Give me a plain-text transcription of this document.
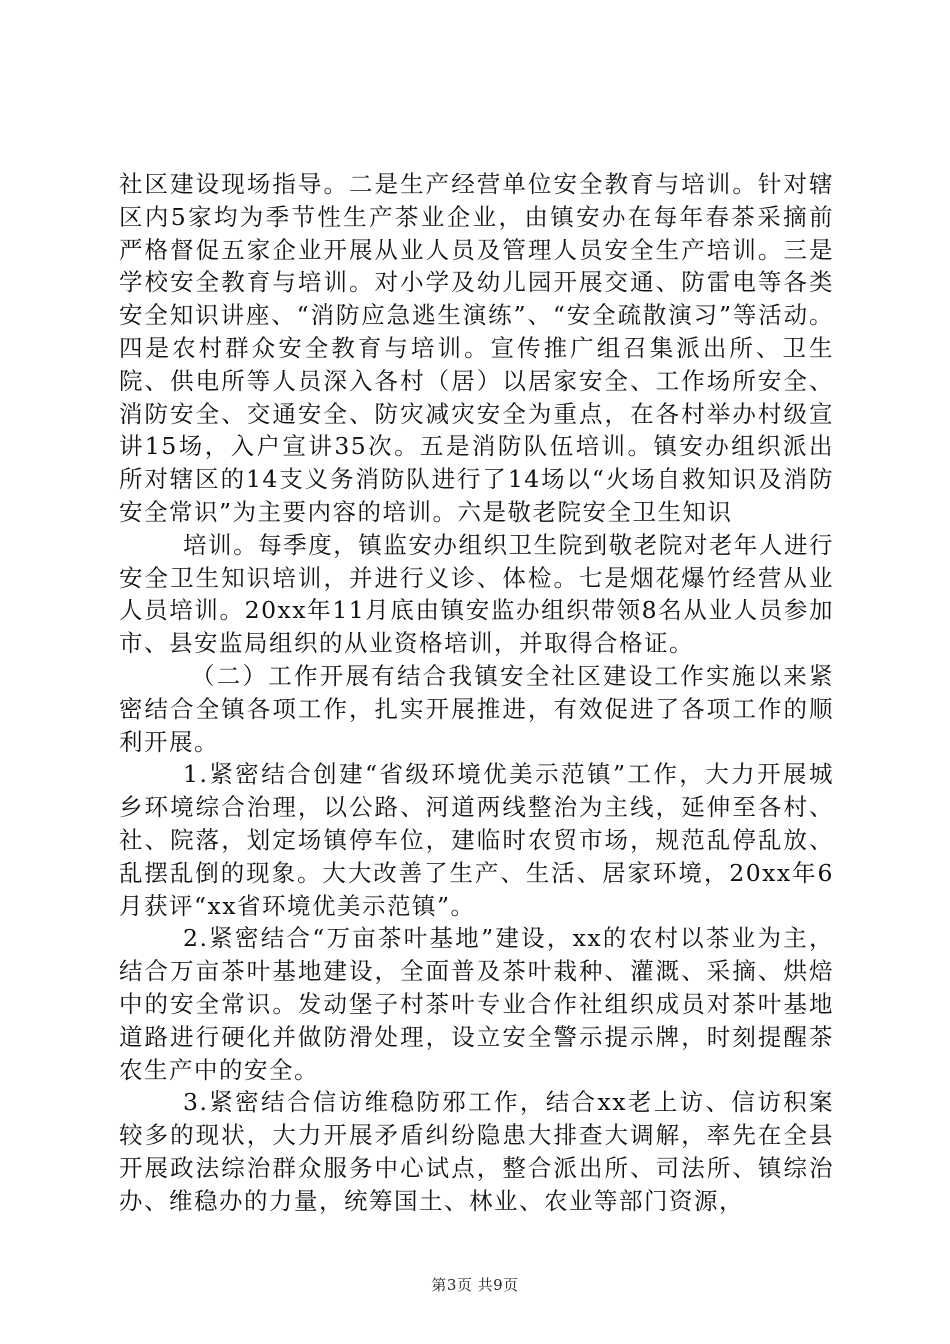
社区建设现场指导。二是生产经营单位安全教育与培训。针对辖区内5家均为季节性生产茶业企业，由镇安办在每年春茶采摘前严格督促五家企业开展从业人员及管理人员安全生产培训。三是学校安全教育与培训。对小学及幼儿园开展交通、防雷电等各类安全知识讲座、“消防应急逃生演练”、“安全疏散演习”等活动。四是农村群众安全教育与培训。宣传推广组召集派出所、卫生院、供电所等人员深入各村（居）以居家安全、工作场所安全、消防安全、交通安全、防灾减灾安全为重点，在各村举办村级宣讲15场，入户宣讲35次。五是消防队伍培训。镇安办组织派出所对辖区的14支义务消防队进行了14场以“火场自救知识及消防安全常识”为主要内容的培训。六是敬老院安全卫生知识

培训。每季度，镇监安办组织卫生院到敬老院对老年人进行安全卫生知识培训，并进行义诊、体检。七是烟花爆竹经营从业人员培训。20xx年11月底由镇安监办组织带领8名从业人员参加市、县安监局组织的从业资格培训，并取得合格证。

（二）工作开展有结合我镇安全社区建设工作实施以来紧密结合全镇各项工作，扎实开展推进，有效促进了各项工作的顺利开展。

1.紧密结合创建“省级环境优美示范镇”工作，大力开展城乡环境综合治理，以公路、河道两线整治为主线，延伸至各村、社、院落，划定场镇停车位，建临时农贸市场，规范乱停乱放、乱摆乱倒的现象。大大改善了生产、生活、居家环境，20xx年6月获评“xx省环境优美示范镇”。

2.紧密结合“万亩茶叶基地”建设，xx的农村以茶业为主，结合万亩茶叶基地建设，全面普及茶叶栽种、灌溉、采摘、烘焙中的安全常识。发动堡子村茶叶专业合作社组织成员对茶叶基地道路进行硬化并做防滑处理，设立安全警示提示牌，时刻提醒茶农生产中的安全。

3.紧密结合信访维稳防邪工作，结合xx老上访、信访积案较多的现状，大力开展矛盾纠纷隐患大排查大调解，率先在全县开展政法综治群众服务中心试点，整合派出所、司法所、镇综治办、维稳办的力量，统筹国土、林业、农业等部门资源，

第3页 共9页
